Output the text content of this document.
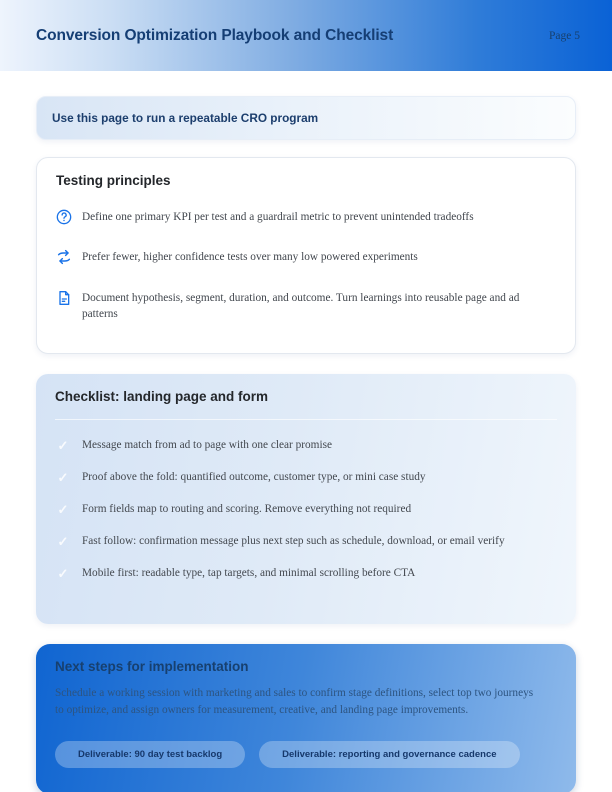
Conversion Optimization Playbook and Checklist	Page 5
Use this page to run a repeatable CRO program
Testing principles

Define one primary KPI per test and a guardrail metric to prevent unintended tradeoffs

Prefer fewer, higher confidence tests over many low powered experiments

Document hypothesis, segment, duration, and outcome. Turn learnings into reusable page and ad patterns

Checklist: landing page and form
✓

Message match from ad to page with one clear promise

✓

Proof above the fold: quantified outcome, customer type, or mini case study

✓

Form fields map to routing and scoring. Remove everything not required

✓

Fast follow: confirmation message plus next step such as schedule, download, or email verify

✓

Mobile first: readable type, tap targets, and minimal scrolling before CTA

Next steps for implementation

Schedule a working session with marketing and sales to confirm stage definitions, select top two journeys to optimize, and assign owners for measurement, creative, and landing page improvements.

Deliverable: 90 day test backlog	Deliverable: reporting and governance cadence
